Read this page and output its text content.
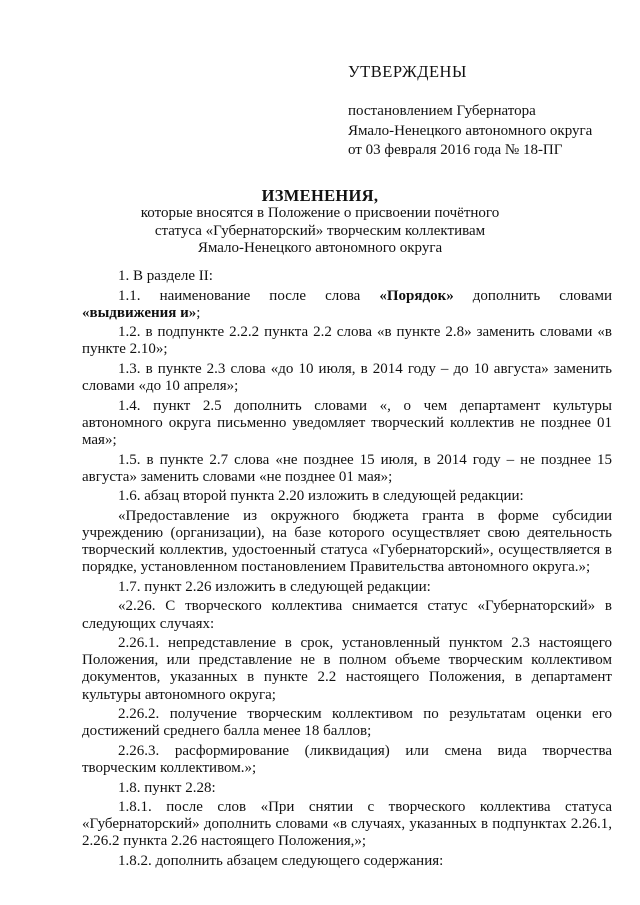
УТВЕРЖДЕНЫ
постановлением Губернатора
Ямало-Ненецкого автономного округа
от 03 февраля 2016 года № 18-ПГ
ИЗМЕНЕНИЯ,
которые вносятся в Положение о присвоении почётного
статуса «Губернаторский» творческим коллективам
Ямало-Ненецкого автономного округа
1. В разделе II:
1.1. наименование после слова «Порядок» дополнить словами «выдвижения и»;
1.2. в подпункте 2.2.2 пункта 2.2 слова «в пункте 2.8» заменить словами «в пункте 2.10»;
1.3. в пункте 2.3 слова «до 10 июля, в 2014 году – до 10 августа» заменить словами «до 10 апреля»;
1.4. пункт 2.5 дополнить словами «, о чем департамент культуры автономного округа письменно уведомляет творческий коллектив не позднее 01 мая»;
1.5. в пункте 2.7 слова «не позднее 15 июля, в 2014 году – не позднее 15 августа» заменить словами «не позднее 01 мая»;
1.6. абзац второй пункта 2.20 изложить в следующей редакции:
«Предоставление из окружного бюджета гранта в форме субсидии учреждению (организации), на базе которого осуществляет свою деятельность творческий коллектив, удостоенный статуса «Губернаторский», осуществляется в порядке, установленном постановлением Правительства автономного округа.»;
1.7. пункт 2.26 изложить в следующей редакции:
«2.26. С творческого коллектива снимается статус «Губернаторский» в следующих случаях:
2.26.1. непредставление в срок, установленный пунктом 2.3 настоящего Положения, или представление не в полном объеме творческим коллективом документов, указанных в пункте 2.2 настоящего Положения, в департамент культуры автономного округа;
2.26.2. получение творческим коллективом по результатам оценки его достижений среднего балла менее 18 баллов;
2.26.3. расформирование (ликвидация) или смена вида творчества творческим коллективом.»;
1.8. пункт 2.28:
1.8.1. после слов «При снятии с творческого коллектива статуса «Губернаторский» дополнить словами «в случаях, указанных в подпунктах 2.26.1, 2.26.2 пункта 2.26 настоящего Положения,»;
1.8.2. дополнить абзацем следующего содержания:
